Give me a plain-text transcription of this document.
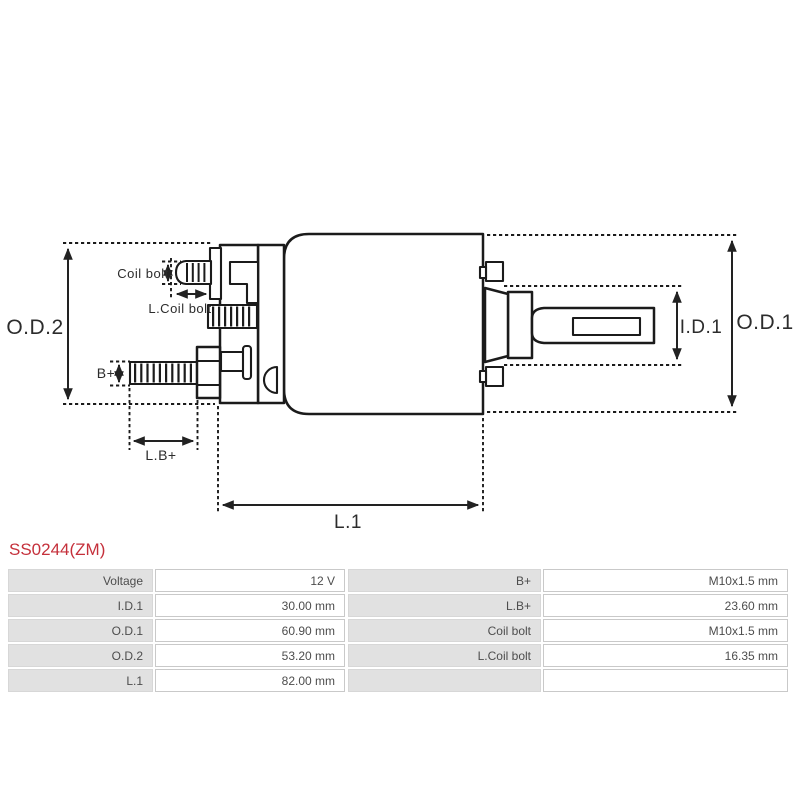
O.D.2	O.D.1
I.D.1
L.1
L.B+
B+
Coil bolt
L.Coil bolt
SS0244(ZM)
Voltage	12 V
I.D.1	30.00 mm
O.D.1	60.90 mm
O.D.2	53.20 mm
L.1	82.00 mm
B+	M10x1.5 mm
L.B+	23.60 mm
Coil bolt	M10x1.5 mm
L.Coil bolt	16.35 mm
